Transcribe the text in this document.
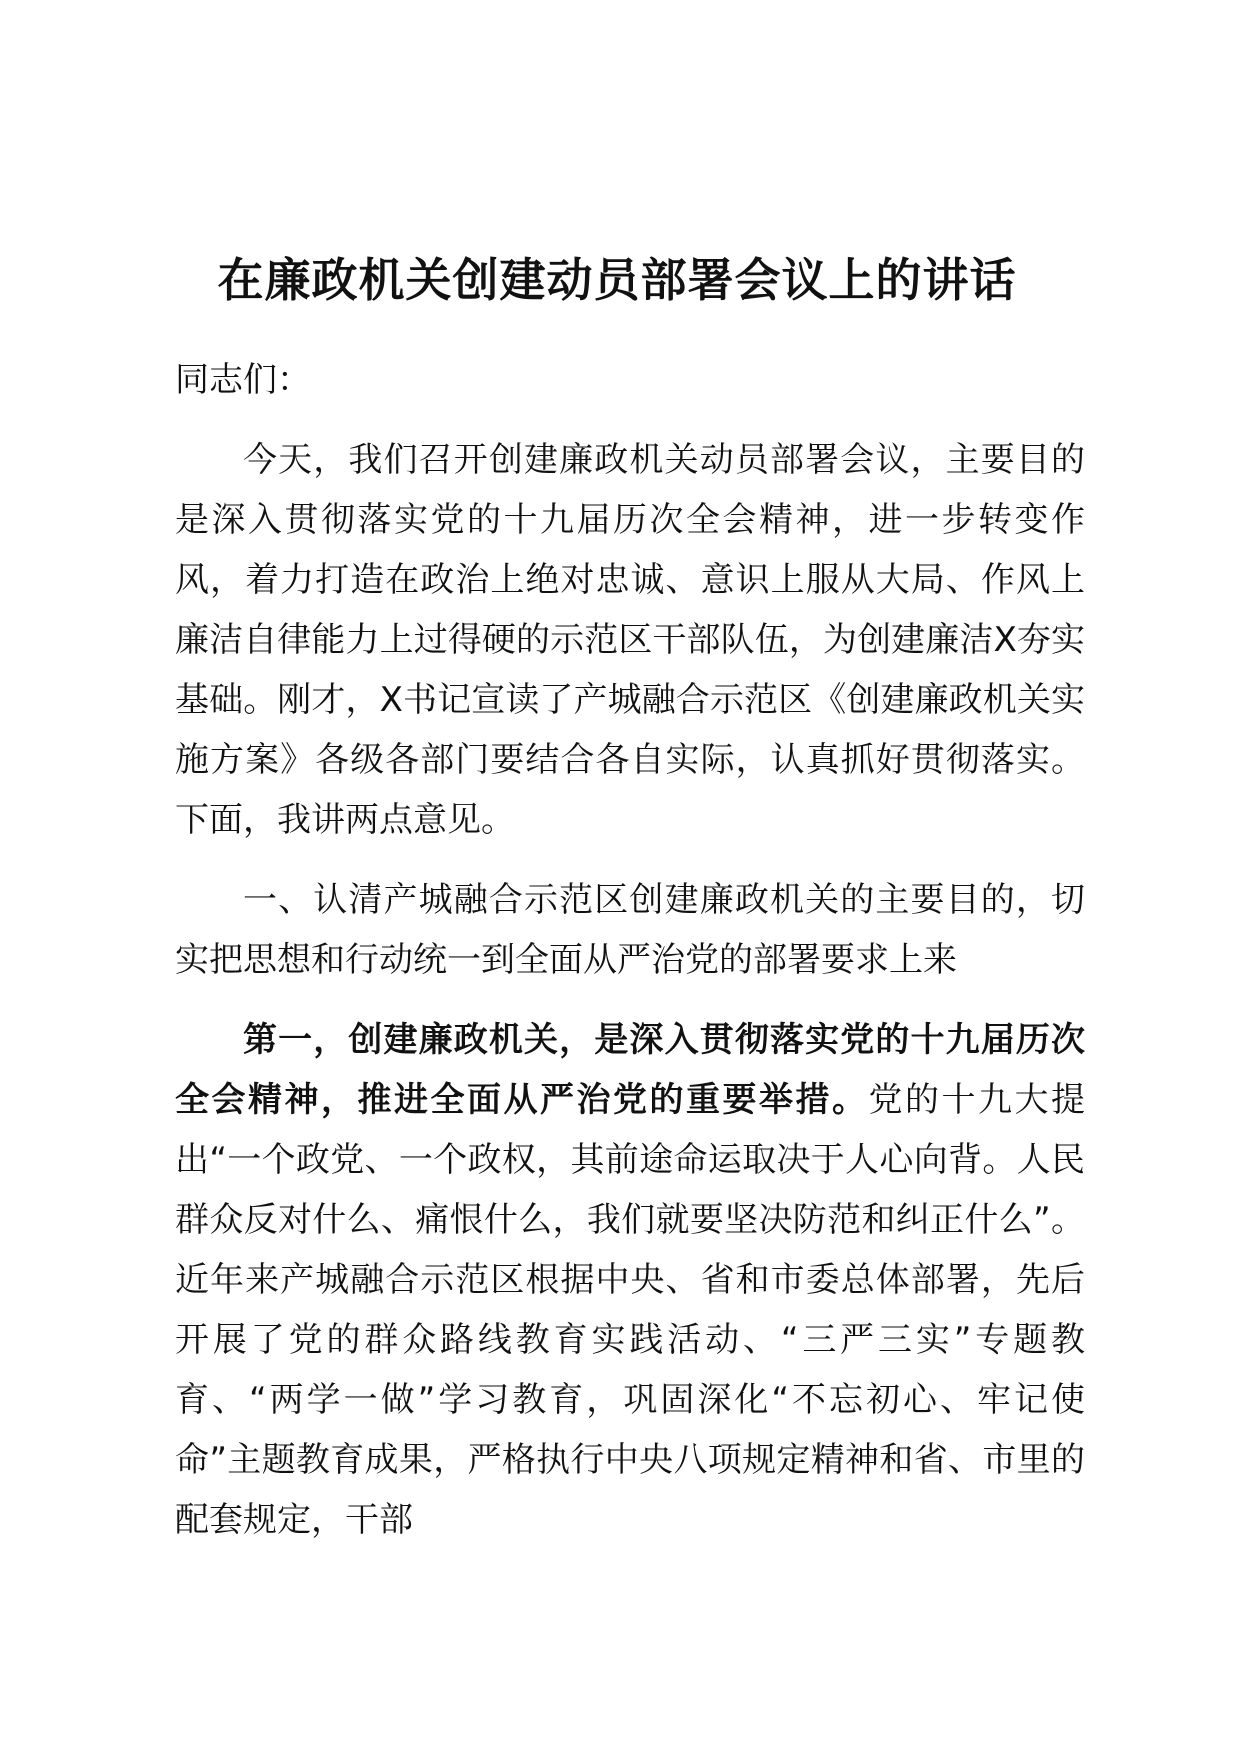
在廉政机关创建动员部署会议上的讲话

同志们：

今天，我们召开创建廉政机关动员部署会议，主要目的是深入贯彻落实党的十九届历次全会精神，进一步转变作风，着力打造在政治上绝对忠诚、意识上服从大局、作风上廉洁自律能力上过得硬的示范区干部队伍，为创建廉洁X夯实基础。刚才，X书记宣读了产城融合示范区《创建廉政机关实施方案》各级各部门要结合各自实际，认真抓好贯彻落实。下面，我讲两点意见。

一、认清产城融合示范区创建廉政机关的主要目的，切实把思想和行动统一到全面从严治党的部署要求上来

第一，创建廉政机关，是深入贯彻落实党的十九届历次全会精神，推进全面从严治党的重要举措。党的十九大提出“一个政党、一个政权，其前途命运取决于人心向背。人民群众反对什么、痛恨什么，我们就要坚决防范和纠正什么”。近年来产城融合示范区根据中央、省和市委总体部署，先后开展了党的群众路线教育实践活动、“三严三实”专题教育、“两学一做”学习教育，巩固深化“不忘初心、牢记使命”主题教育成果，严格执行中央八项规定精神和省、市里的配套规定，干部
